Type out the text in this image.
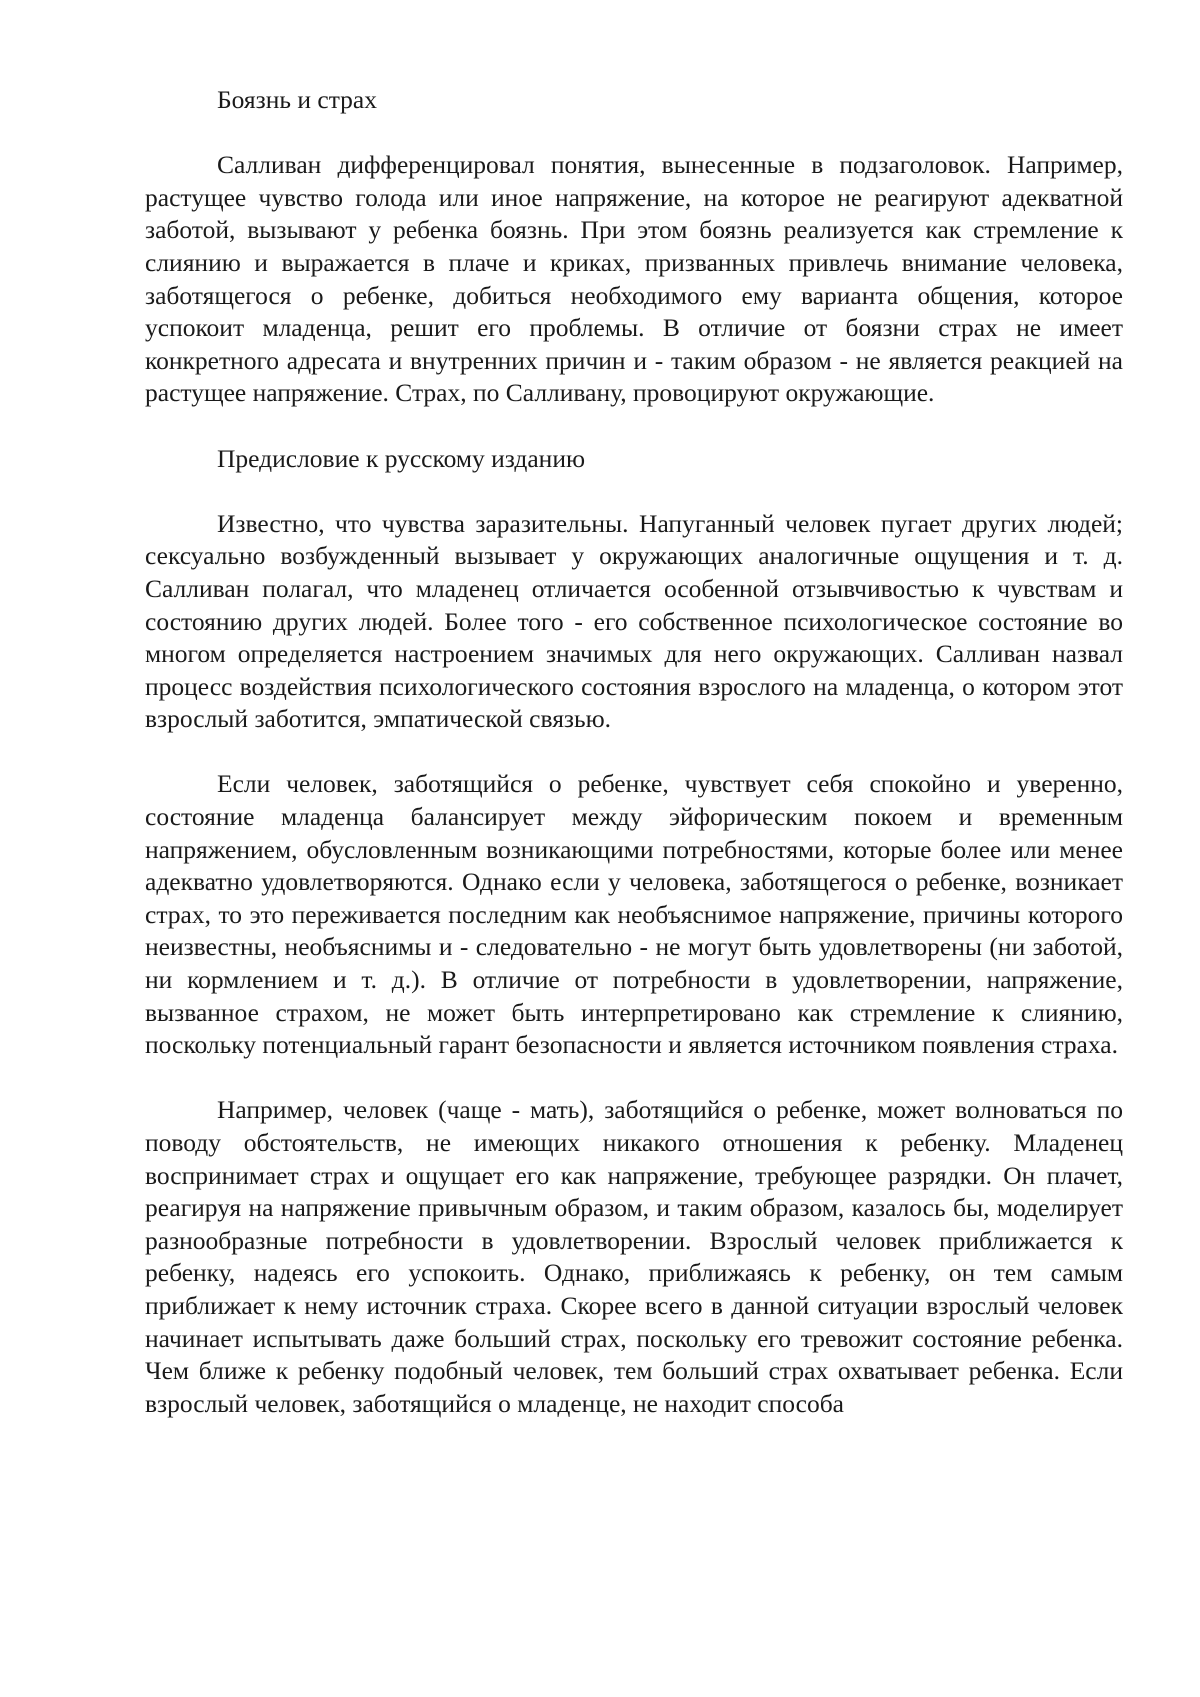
Боязнь и страх

Салливан дифференцировал понятия, вынесенные в подзаголовок. Например, растущее чувство голода или иное напряжение, на которое не реагируют адекватной заботой, вызывают у ребенка боязнь. При этом боязнь реализуется как стремление к слиянию и выражается в плаче и криках, призванных привлечь внимание человека, заботящегося о ребенке, добиться необходимого ему варианта общения, которое успокоит младенца, решит его проблемы. В отличие от боязни страх не имеет конкретного адресата и внутренних причин и - таким образом - не является реакцией на растущее напряжение. Страх, по Салливану, провоцируют окружающие.

Предисловие к русскому изданию

Известно, что чувства заразительны. Напуганный человек пугает других людей; сексуально возбужденный вызывает у окружающих аналогичные ощущения и т. д. Салливан полагал, что младенец отличается особенной отзывчивостью к чувствам и состоянию других людей. Более того - его собственное психологическое состояние во многом определяется настроением значимых для него окружающих. Салливан назвал процесс воздействия психологического состояния взрослого на младенца, о котором этот взрослый заботится, эмпатической связью.

Если человек, заботящийся о ребенке, чувствует себя спокойно и уверенно, состояние младенца балансирует между эйфорическим покоем и временным напряжением, обусловленным возникающими потребностями, которые более или менее адекватно удовлетворяются. Однако если у человека, заботящегося о ребенке, возникает страх, то это переживается последним как необъяснимое напряжение, причины которого неизвестны, необъяснимы и - следовательно - не могут быть удовлетворены (ни заботой, ни кормлением и т. д.). В отличие от потребности в удовлетворении, напряжение, вызванное страхом, не может быть интерпретировано как стремление к слиянию, поскольку потенциальный гарант безопасности и является источником появления страха.

Например, человек (чаще - мать), заботящийся о ребенке, может волноваться по поводу обстоятельств, не имеющих никакого отношения к ребенку. Младенец воспринимает страх и ощущает его как напряжение, требующее разрядки. Он плачет, реагируя на напряжение привычным образом, и таким образом, казалось бы, моделирует разнообразные потребности в удовлетворении. Взрослый человек приближается к ребенку, надеясь его успокоить. Однако, приближаясь к ребенку, он тем самым приближает к нему источник страха. Скорее всего в данной ситуации взрослый человек начинает испытывать даже больший страх, поскольку его тревожит состояние ребенка. Чем ближе к ребенку подобный человек, тем больший страх охватывает ребенка. Если взрослый человек, заботящийся о младенце, не находит способа
